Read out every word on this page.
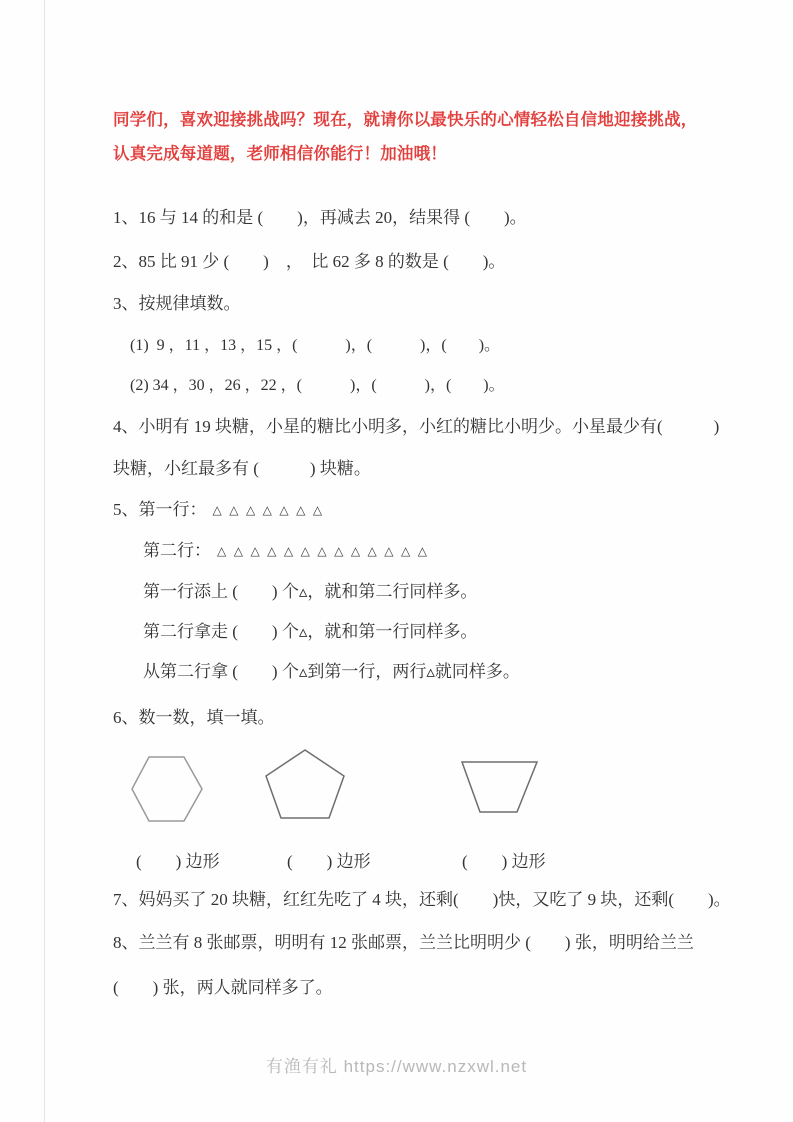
同学们，喜欢迎接挑战吗？现在，就请你以最快乐的心情轻松自信地迎接挑战，
认真完成每道题，老师相信你能行！加油哦！
1、16 与 14 的和是 (　　)，再减去 20，结果得 (　　)。
2、85 比 91 少 (　　)　，  比 62 多 8 的数是 (　　)。
3、按规律填数。
(1)  9 ，11 ，13 ，15 ，(　　　)，(　　　)，(　　)。
(2) 34 ，30 ，26 ，22 ，(　　　)，(　　　)，(　　)。
4、小明有 19 块糖，小星的糖比小明多，小红的糖比小明少。小星最少有(　　　)
块糖，小红最多有 (　　　) 块糖。
5、第一行： △△△△△△△
第二行： △△△△△△△△△△△△△
第一行添上 (　　) 个▵，就和第二行同样多。
第二行拿走 (　　) 个▵，就和第一行同样多。
从第二行拿 (　　) 个▵到第一行，两行▵就同样多。
6、数一数，填一填。
(　　) 边形	(　　) 边形	(　　) 边形
7、妈妈买了 20 块糖，红红先吃了 4 块，还剩(　　)快，又吃了 9 块，还剩(　　)。
8、兰兰有 8 张邮票，明明有 12 张邮票，兰兰比明明少 (　　) 张，明明给兰兰
(　　) 张，两人就同样多了。
有渔有礼 https://www.nzxwl.net
